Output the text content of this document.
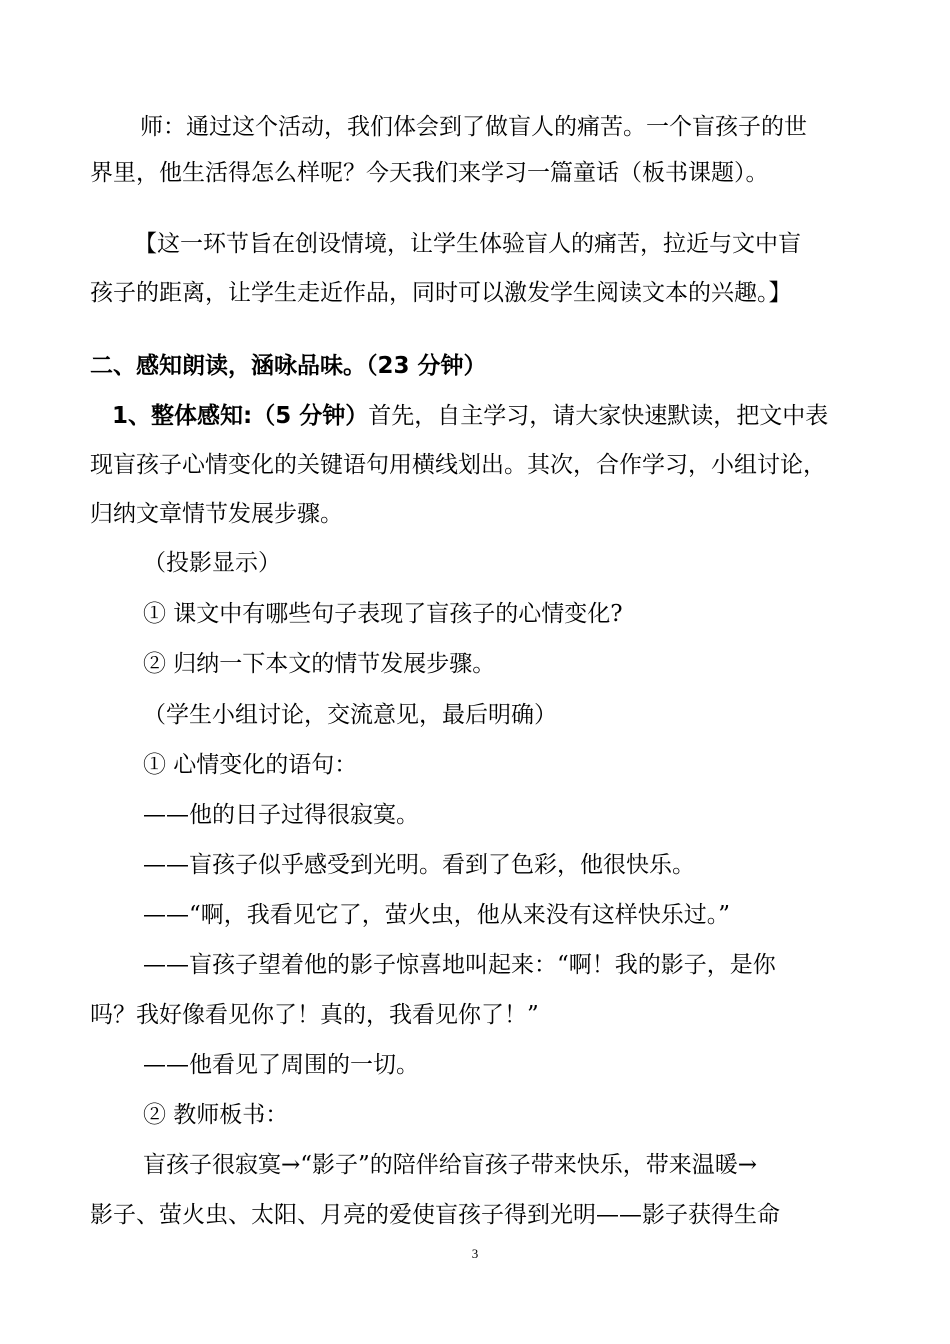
师：通过这个活动，我们体会到了做盲人的痛苦。一个盲孩子的世
界里，他生活得怎么样呢？今天我们来学习一篇童话（板书课题）。
【这一环节旨在创设情境，让学生体验盲人的痛苦，拉近与文中盲
孩子的距离，让学生走近作品，同时可以激发学生阅读文本的兴趣。】
二、感知朗读，涵咏品味。（23 分钟）
1、整体感知:（5 分钟）首先，自主学习，请大家快速默读，把文中表
现盲孩子心情变化的关键语句用横线划出。其次，合作学习，小组讨论，
归纳文章情节发展步骤。
（投影显示）
① 课文中有哪些句子表现了盲孩子的心情变化?
② 归纳一下本文的情节发展步骤。
（学生小组讨论，交流意见，最后明确）
① 心情变化的语句：
——他的日子过得很寂寞。
——盲孩子似乎感受到光明。看到了色彩，他很快乐。
——“啊，我看见它了，萤火虫，他从来没有这样快乐过。”
——盲孩子望着他的影子惊喜地叫起来：“啊！我的影子，是你
吗？我好像看见你了！真的，我看见你了！”
——他看见了周围的一切。
② 教师板书：
盲孩子很寂寞→“影子”的陪伴给盲孩子带来快乐，带来温暖→
影子、萤火虫、太阳、月亮的爱使盲孩子得到光明——影子获得生命
3
